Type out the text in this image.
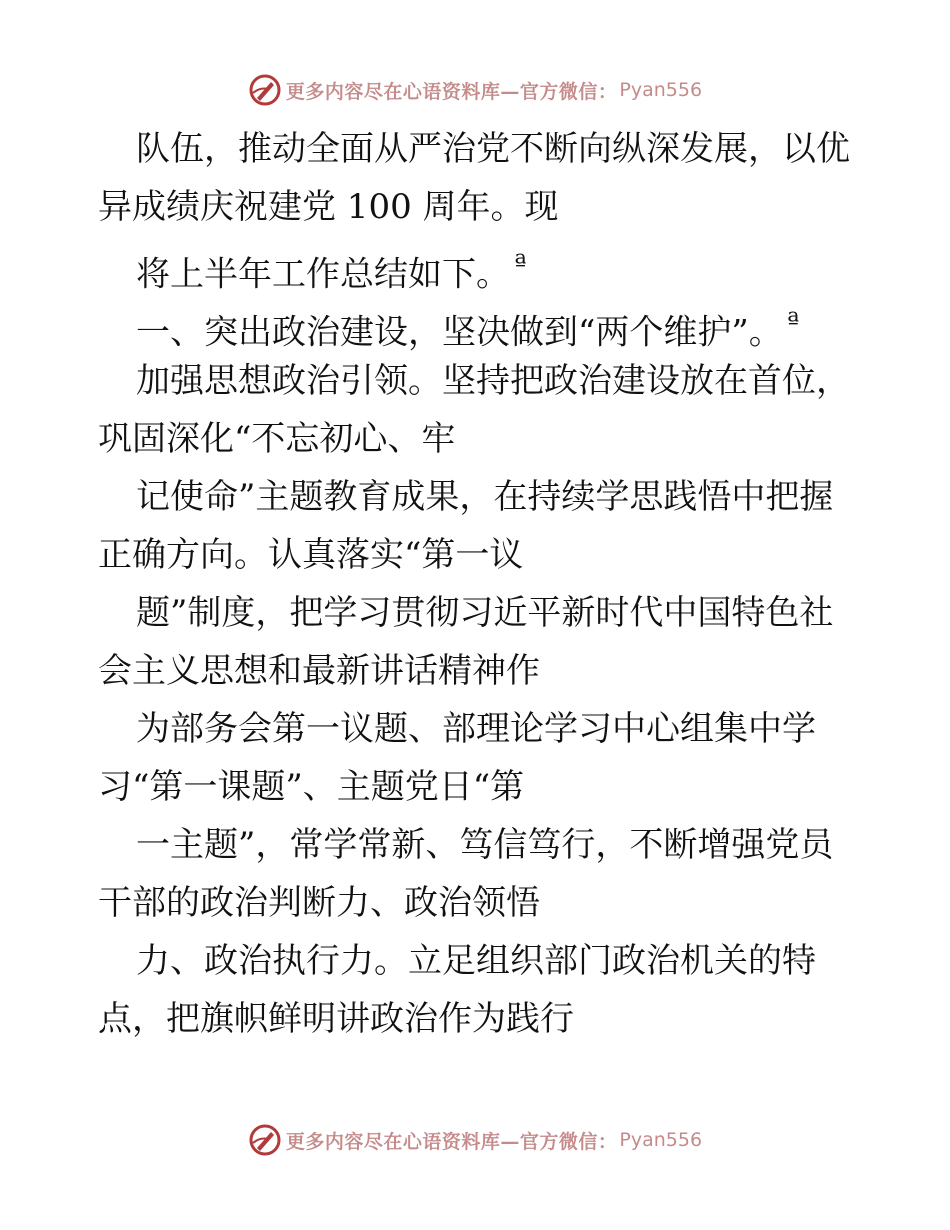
更多内容尽在心语资料库—官方微信： Pyan556
队伍，推动全面从严治党不断向纵深发展，以优
异成绩庆祝建党 100 周年。现
将上半年工作总结如下。 $^ª$
一、突出政治建设，坚决做到“两个维护”。 $^ª$
加强思想政治引领。坚持把政治建设放在首位，
巩固深化“不忘初心、牢
记使命”主题教育成果，在持续学思践悟中把握
正确方向。认真落实“第一议
题”制度，把学习贯彻习近平新时代中国特色社
会主义思想和最新讲话精神作
为部务会第一议题、部理论学习中心组集中学
习“第一课题”、主题党日“第
一主题”，常学常新、笃信笃行，不断增强党员
干部的政治判断力、政治领悟
力、政治执行力。立足组织部门政治机关的特
点，把旗帜鲜明讲政治作为践行
更多内容尽在心语资料库—官方微信： Pyan556
